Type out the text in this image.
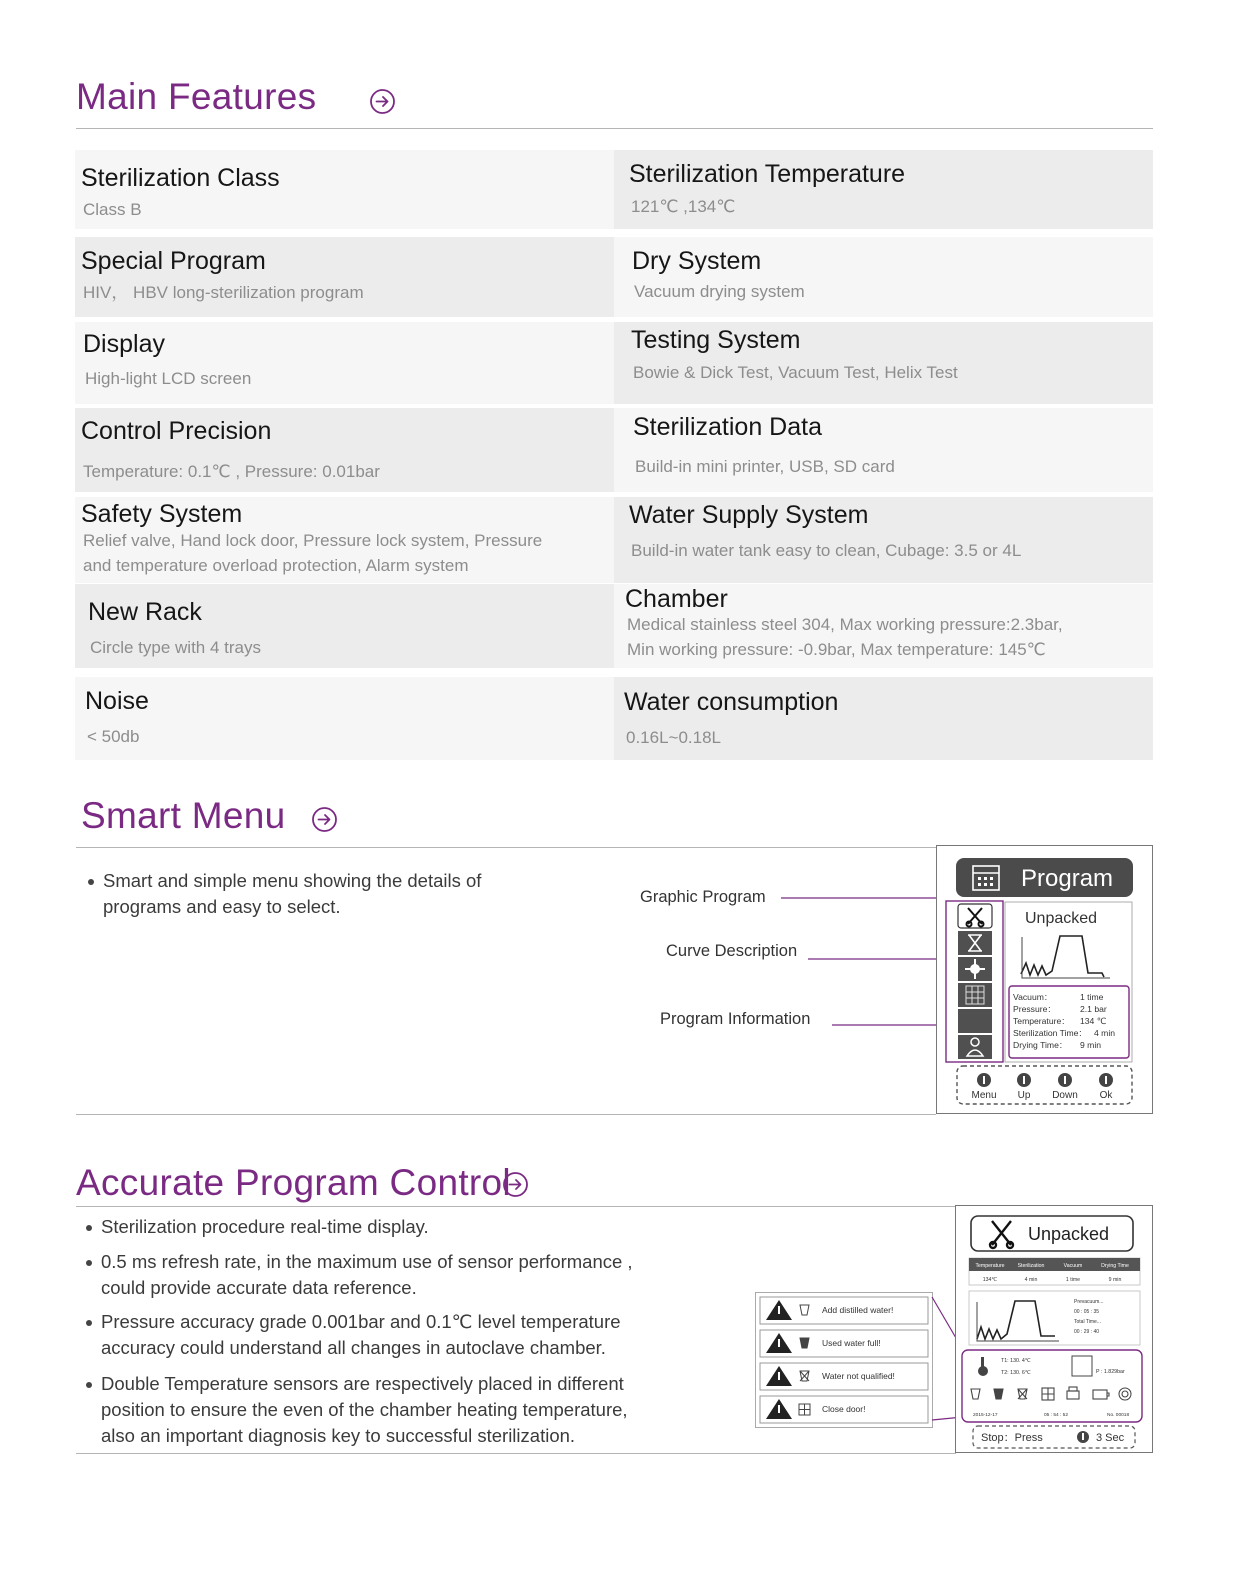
Main Features
Sterilization Class
Class B
Sterilization Temperature
121℃ ,134℃
Special Program
HIV， HBV long-sterilization program
Dry System
Vacuum drying system
Display
High-light LCD screen
Testing System
Bowie & Dick Test, Vacuum Test, Helix Test
Control Precision
Temperature: 0.1℃ , Pressure: 0.01bar
Sterilization Data
Build-in mini printer, USB, SD card
Safety System
Relief valve, Hand lock door, Pressure lock system, Pressure
and temperature overload protection, Alarm system
Water Supply System
Build-in water tank easy to clean, Cubage: 3.5 or 4L
New Rack
Circle type with 4 trays
Chamber
Medical stainless steel 304, Max working pressure:2.3bar,
Min working pressure: -0.9bar, Max temperature: 145℃
Noise
< 50db
Water consumption
0.16L~0.18L
Smart Menu
Smart and simple menu showing the details of
programs and easy to select.	Graphic Program
Curve Description
Program Information
Program
Unpacked
Vacuum：	1 time
Pressure：	2.1 bar
Temperature： 134 ℃
Sterilization Time： 4 min
Drying Time： 9 min
Menu Up Down Ok
Accurate Program Control
Sterilization procedure real-time display.
0.5 ms refresh rate, in the maximum use of sensor performance ,
could provide accurate data reference.
Pressure accuracy grade 0.001bar and 0.1℃ level temperature
accuracy could understand all changes in autoclave chamber.
Double Temperature sensors are respectively placed in different
position to ensure the even of the chamber heating temperature,
also an important diagnosis key to successful sterilization.
Add distilled water!
Used water full!
Water not qualified!
Close door!
Unpacked
Temperature	Sterilization	Vacuum	Drying Time
134℃	4 min	1 time	9 min
Prevacuum...
00 : 05 : 35
Total Time...
00 : 29 : 40
T1: 130. 4℃
T2: 130. 6℃	P : 1.829bar
2015-12-17	05 : 54 : 52	No. 00018
Stop：Press	3 Sec
